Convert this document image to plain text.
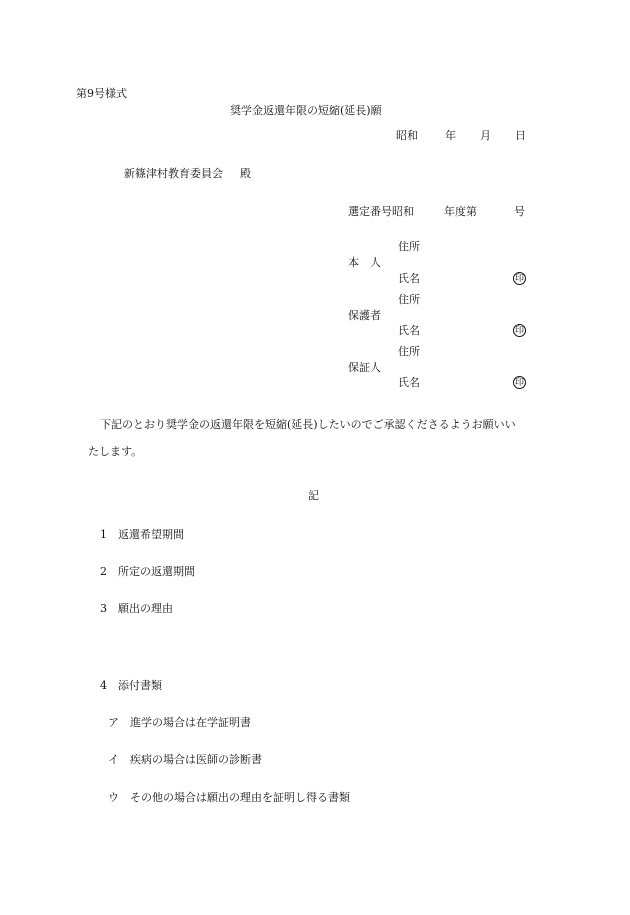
第9号様式
奨学金返還年限の短縮(延長)願
昭和 年 月 日
新篠津村教育委員会 殿
選定番号昭和	年度第	号
住所
本　人
氏名	印
住所
保護者
氏名	印
住所
保証人
氏名	印
下記のとおり奨学金の返還年限を短縮(延長)したいのでご承認くださるようお願いい
たします。
記
1 返還希望期間
2 所定の返還期間
3 願出の理由
4 添付書類
ア 進学の場合は在学証明書
イ 疾病の場合は医師の診断書
ウ その他の場合は願出の理由を証明し得る書類
